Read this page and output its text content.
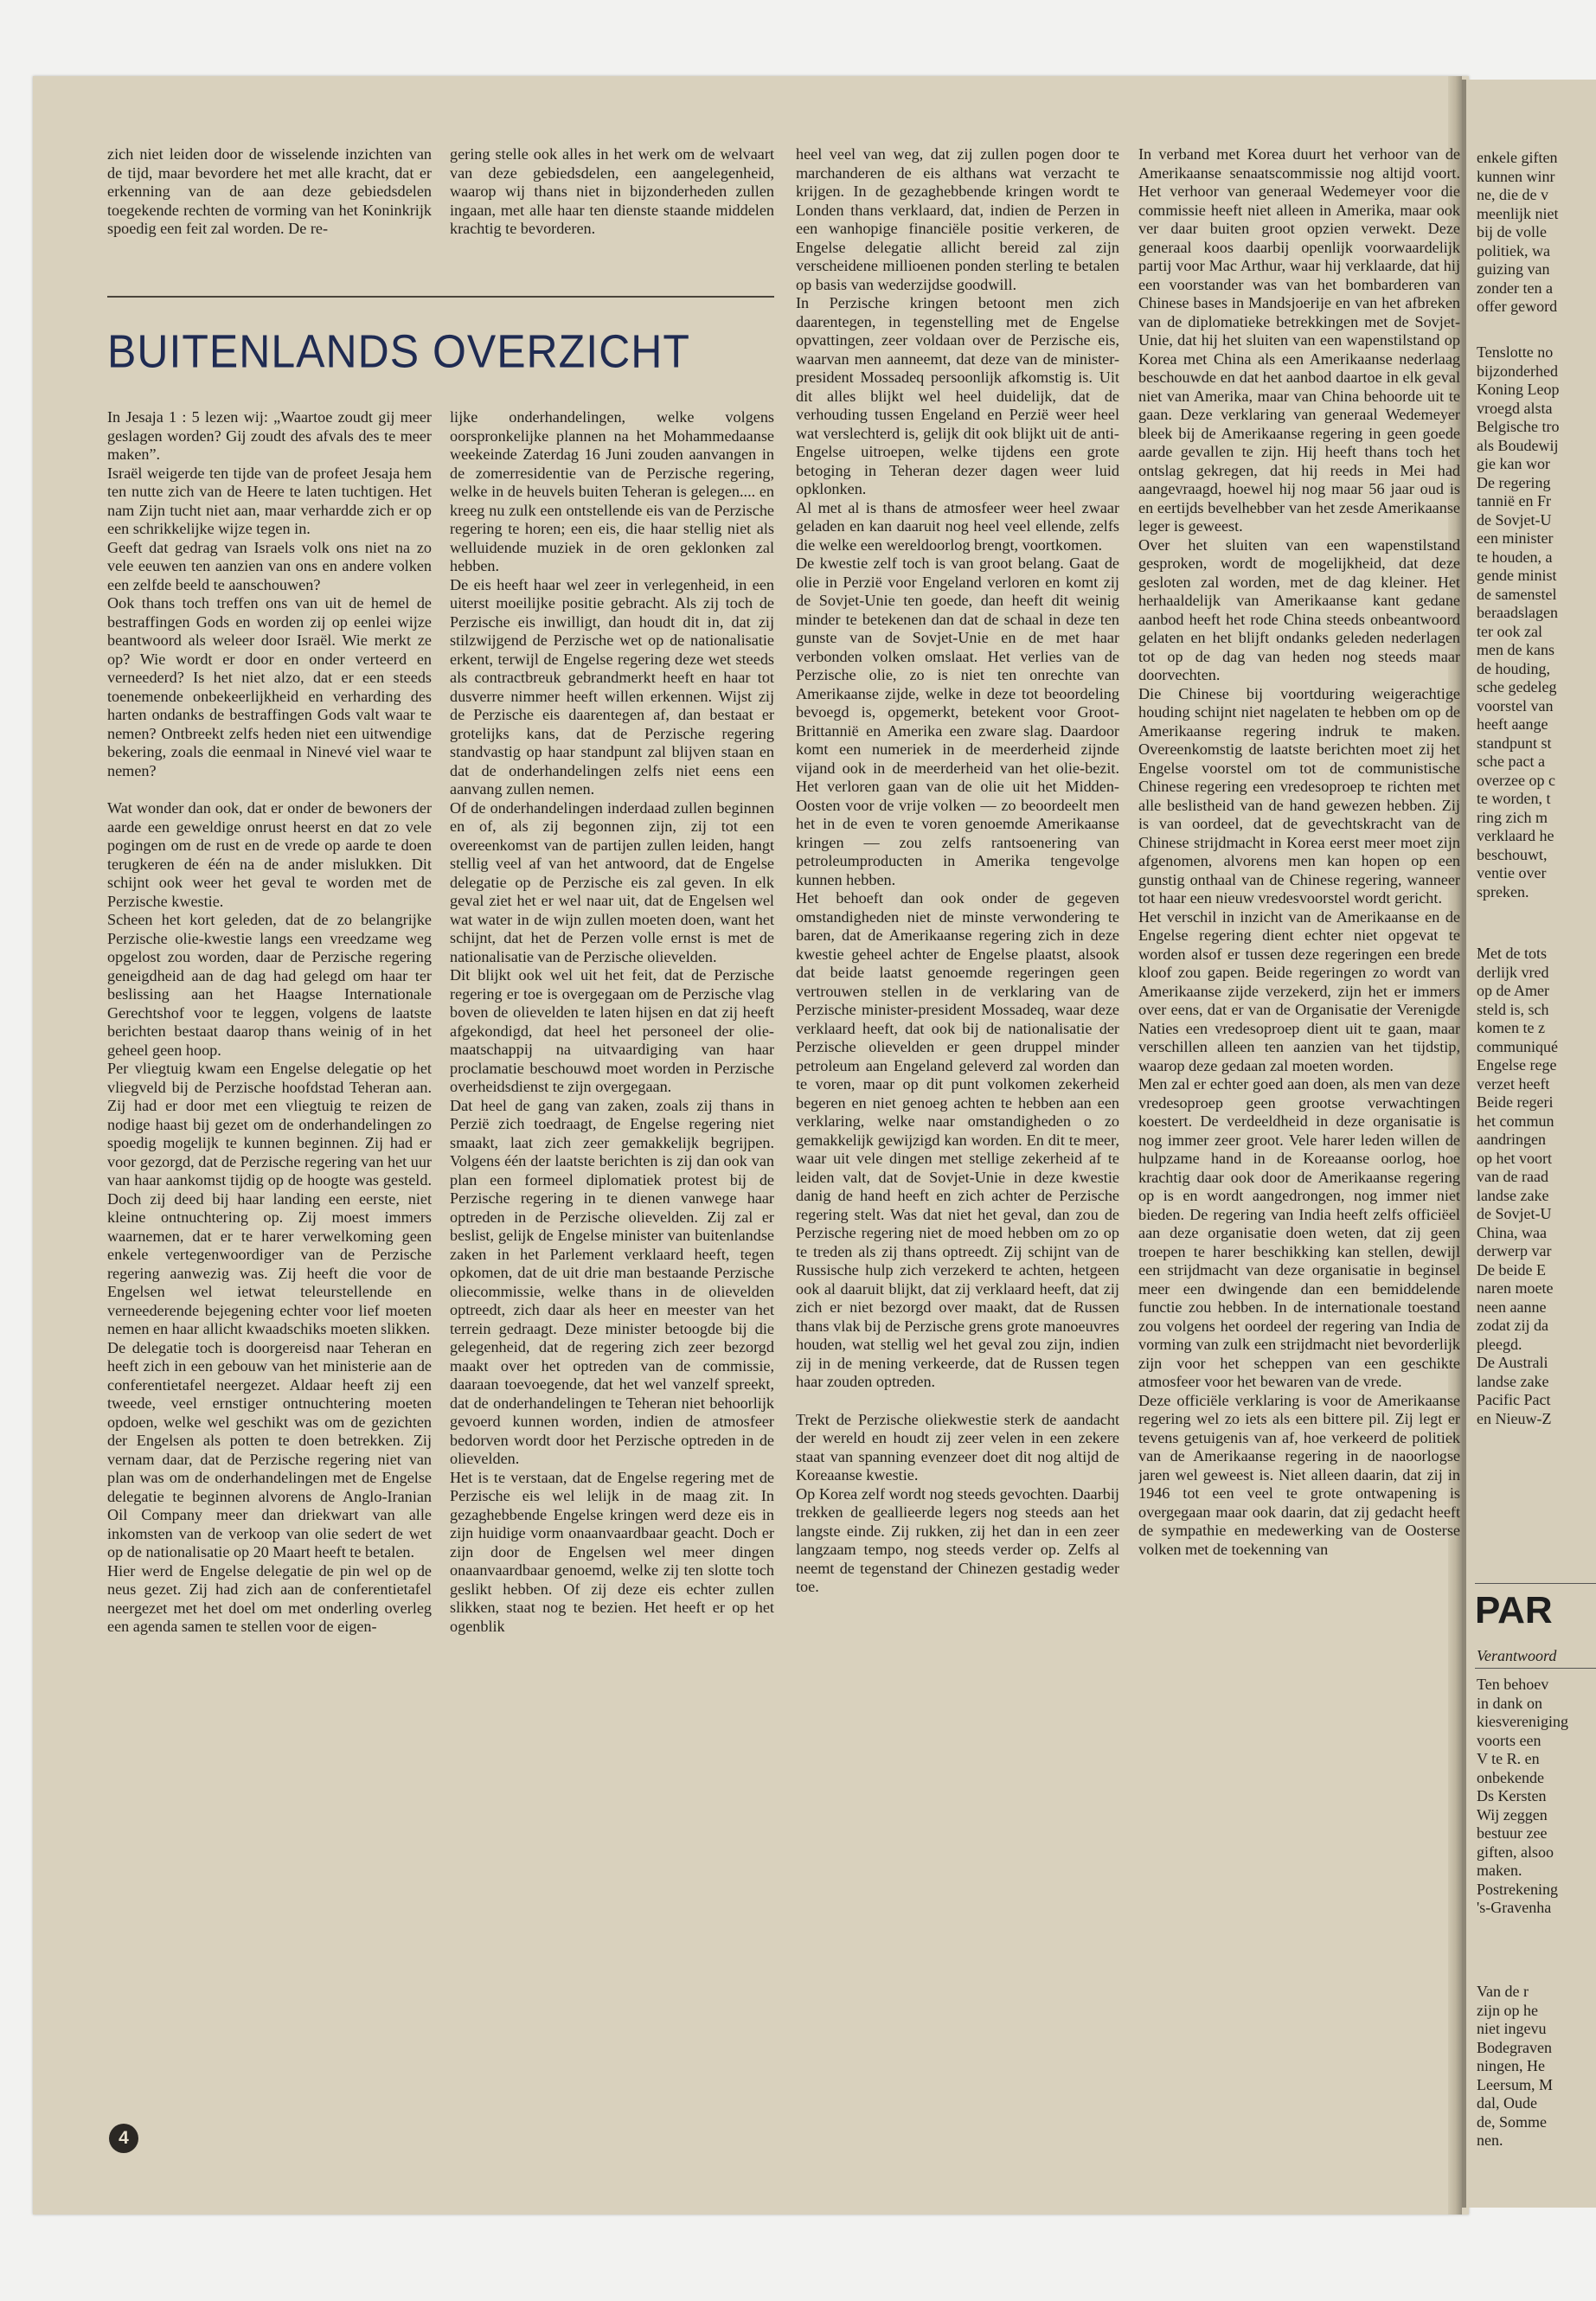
zich niet leiden door de wisselende inzichten van de tijd, maar bevordere het met alle kracht, dat er erkenning van de aan deze gebiedsdelen toegekende rechten de vorming van het Koninkrijk spoedig een feit zal worden. De re-

gering stelle ook alles in het werk om de welvaart van deze gebiedsdelen, een aangelegenheid, waarop wij thans niet in bijzonderheden zullen ingaan, met alle haar ten dienste staande middelen krachtig te bevorderen.

BUITENLANDS OVERZICHT

In Jesaja 1 : 5 lezen wij: „Waartoe zoudt gij meer geslagen worden? Gij zoudt des afvals des te meer maken”.

Israël weigerde ten tijde van de profeet Jesaja hem ten nutte zich van de Heere te laten tuchtigen. Het nam Zijn tucht niet aan, maar verhardde zich er op een schrikkelijke wijze tegen in.

Geeft dat gedrag van Israels volk ons niet na zo vele eeuwen ten aanzien van ons en andere volken een zelfde beeld te aanschouwen?

Ook thans toch treffen ons van uit de hemel de bestraffingen Gods en worden zij op eenlei wijze beantwoord als weleer door Israël. Wie merkt ze op? Wie wordt er door en onder verteerd en verneederd? Is het niet alzo, dat er een steeds toenemende onbekeerlijkheid en verharding des harten ondanks de bestraffingen Gods valt waar te nemen? Ontbreekt zelfs heden niet een uitwendige bekering, zoals die eenmaal in Ninevé viel waar te nemen?

Wat wonder dan ook, dat er onder de bewoners der aarde een geweldige onrust heerst en dat zo vele pogingen om de rust en de vrede op aarde te doen terugkeren de één na de ander mislukken. Dit schijnt ook weer het geval te worden met de Perzische kwestie.

Scheen het kort geleden, dat de zo belangrijke Perzische olie-kwestie langs een vreedzame weg opgelost zou worden, daar de Perzische regering geneigdheid aan de dag had gelegd om haar ter beslissing aan het Haagse Internationale Gerechtshof voor te leggen, volgens de laatste berichten bestaat daarop thans weinig of in het geheel geen hoop.

Per vliegtuig kwam een Engelse delegatie op het vliegveld bij de Perzische hoofdstad Teheran aan. Zij had er door met een vliegtuig te reizen de nodige haast bij gezet om de onderhandelingen zo spoedig mogelijk te kunnen beginnen. Zij had er voor gezorgd, dat de Perzische regering van het uur van haar aankomst tijdig op de hoogte was gesteld. Doch zij deed bij haar landing een eerste, niet kleine ontnuchtering op. Zij moest immers waarnemen, dat er te harer verwelkoming geen enkele vertegenwoordiger van de Perzische regering aanwezig was. Zij heeft die voor de Engelsen wel ietwat teleurstellende en verneederende bejegening echter voor lief moeten nemen en haar allicht kwaadschiks moeten slikken.

De delegatie toch is doorgereisd naar Teheran en heeft zich in een gebouw van het ministerie aan de conferentietafel neergezet. Aldaar heeft zij een tweede, veel ernstiger ontnuchtering moeten opdoen, welke wel geschikt was om de gezichten der Engelsen als potten te doen betrekken. Zij vernam daar, dat de Perzische regering niet van plan was om de onderhandelingen met de Engelse delegatie te beginnen alvorens de Anglo-Iranian Oil Company meer dan driekwart van alle inkomsten van de verkoop van olie sedert de wet op de nationalisatie op 20 Maart heeft te betalen.

Hier werd de Engelse delegatie de pin wel op de neus gezet. Zij had zich aan de conferentietafel neergezet met het doel om met onderling overleg een agenda samen te stellen voor de eigen-

lijke onderhandelingen, welke volgens oorspronkelijke plannen na het Mohammedaanse weekeinde Zaterdag 16 Juni zouden aanvangen in de zomerresidentie van de Perzische regering, welke in de heuvels buiten Teheran is gelegen.... en kreeg nu zulk een ontstellende eis van de Perzische regering te horen; een eis, die haar stellig niet als welluidende muziek in de oren geklonken zal hebben.

De eis heeft haar wel zeer in verlegenheid, in een uiterst moeilijke positie gebracht. Als zij toch de Perzische eis inwilligt, dan houdt dit in, dat zij stilzwijgend de Perzische wet op de nationalisatie erkent, terwijl de Engelse regering deze wet steeds als contractbreuk gebrandmerkt heeft en haar tot dusverre nimmer heeft willen erkennen. Wijst zij de Perzische eis daarentegen af, dan bestaat er grotelijks kans, dat de Perzische regering standvastig op haar standpunt zal blijven staan en dat de onderhandelingen zelfs niet eens een aanvang zullen nemen.

Of de onderhandelingen inderdaad zullen beginnen en of, als zij begonnen zijn, zij tot een overeenkomst van de partijen zullen leiden, hangt stellig veel af van het antwoord, dat de Engelse delegatie op de Perzische eis zal geven. In elk geval ziet het er wel naar uit, dat de Engelsen wel wat water in de wijn zullen moeten doen, want het schijnt, dat het de Perzen volle ernst is met de nationalisatie van de Perzische olievelden.

Dit blijkt ook wel uit het feit, dat de Perzische regering er toe is overgegaan om de Perzische vlag boven de olievelden te laten hijsen en dat zij heeft afgekondigd, dat heel het personeel der olie-maatschappij na uitvaardiging van haar proclamatie beschouwd moet worden in Perzische overheidsdienst te zijn overgegaan.

Dat heel de gang van zaken, zoals zij thans in Perzië zich toedraagt, de Engelse regering niet smaakt, laat zich zeer gemakkelijk begrijpen. Volgens één der laatste berichten is zij dan ook van plan een formeel diplomatiek protest bij de Perzische regering in te dienen vanwege haar optreden in de Perzische olievelden. Zij zal er beslist, gelijk de Engelse minister van buitenlandse zaken in het Parlement verklaard heeft, tegen opkomen, dat de uit drie man bestaande Perzische oliecommissie, welke thans in de olievelden optreedt, zich daar als heer en meester van het terrein gedraagt. Deze minister betoogde bij die gelegenheid, dat de regering zich zeer bezorgd maakt over het optreden van de commissie, daaraan toevoegende, dat het wel vanzelf spreekt, dat de onderhandelingen te Teheran niet behoorlijk gevoerd kunnen worden, indien de atmosfeer bedorven wordt door het Perzische optreden in de olievelden.

Het is te verstaan, dat de Engelse regering met de Perzische eis wel lelijk in de maag zit. In gezaghebbende Engelse kringen werd deze eis in zijn huidige vorm onaanvaardbaar geacht. Doch er zijn door de Engelsen wel meer dingen onaanvaardbaar genoemd, welke zij ten slotte toch geslikt hebben. Of zij deze eis echter zullen slikken, staat nog te bezien. Het heeft er op het ogenblik

heel veel van weg, dat zij zullen pogen door te marchanderen de eis althans wat verzacht te krijgen. In de gezaghebbende kringen wordt te Londen thans verklaard, dat, indien de Perzen in een wanhopige financiële positie verkeren, de Engelse delegatie allicht bereid zal zijn verscheidene millioenen ponden sterling te betalen op basis van wederzijdse goodwill.

In Perzische kringen betoont men zich daarentegen, in tegenstelling met de Engelse opvattingen, zeer voldaan over de Perzische eis, waarvan men aanneemt, dat deze van de minister-president Mossadeq persoonlijk afkomstig is. Uit dit alles blijkt wel heel duidelijk, dat de verhouding tussen Engeland en Perzië weer heel wat verslechterd is, gelijk dit ook blijkt uit de anti-Engelse uitroepen, welke tijdens een grote betoging in Teheran dezer dagen weer luid opklonken.

Al met al is thans de atmosfeer weer heel zwaar geladen en kan daaruit nog heel veel ellende, zelfs die welke een wereldoorlog brengt, voortkomen.

De kwestie zelf toch is van groot belang. Gaat de olie in Perzië voor Engeland verloren en komt zij de Sovjet-Unie ten goede, dan heeft dit weinig minder te betekenen dan dat de schaal in deze ten gunste van de Sovjet-Unie en de met haar verbonden volken omslaat. Het verlies van de Perzische olie, zo is niet ten onrechte van Amerikaanse zijde, welke in deze tot beoordeling bevoegd is, opgemerkt, betekent voor Groot-Brittannië en Amerika een zware slag. Daardoor komt een numeriek in de meerderheid zijnde vijand ook in de meerderheid van het olie-bezit. Het verloren gaan van de olie uit het Midden-Oosten voor de vrije volken — zo beoordeelt men het in de even te voren genoemde Amerikaanse kringen — zou zelfs rantsoenering van petroleumproducten in Amerika tengevolge kunnen hebben.

Het behoeft dan ook onder de gegeven omstandigheden niet de minste verwondering te baren, dat de Amerikaanse regering zich in deze kwestie geheel achter de Engelse plaatst, alsook dat beide laatst genoemde regeringen geen vertrouwen stellen in de verklaring van de Perzische minister-president Mossadeq, waar deze verklaard heeft, dat ook bij de nationalisatie der Perzische olievelden er geen druppel minder petroleum aan Engeland geleverd zal worden dan te voren, maar op dit punt volkomen zekerheid begeren en niet genoeg achten te hebben aan een verklaring, welke naar omstandigheden o zo gemakkelijk gewijzigd kan worden. En dit te meer, waar uit vele dingen met stellige zekerheid af te leiden valt, dat de Sovjet-Unie in deze kwestie danig de hand heeft en zich achter de Perzische regering stelt. Was dat niet het geval, dan zou de Perzische regering niet de moed hebben om zo op te treden als zij thans optreedt. Zij schijnt van de Russische hulp zich verzekerd te achten, hetgeen ook al daaruit blijkt, dat zij verklaard heeft, dat zij zich er niet bezorgd over maakt, dat de Russen thans vlak bij de Perzische grens grote manoeuvres houden, wat stellig wel het geval zou zijn, indien zij in de mening verkeerde, dat de Russen tegen haar zouden optreden.

Trekt de Perzische oliekwestie sterk de aandacht der wereld en houdt zij zeer velen in een zekere staat van spanning evenzeer doet dit nog altijd de Koreaanse kwestie.

Op Korea zelf wordt nog steeds gevochten. Daarbij trekken de geallieerde legers nog steeds aan het langste einde. Zij rukken, zij het dan in een zeer langzaam tempo, nog steeds verder op. Zelfs al neemt de tegenstand der Chinezen gestadig weder toe.

In verband met Korea duurt het verhoor van de Amerikaanse senaatscommissie nog altijd voort. Het verhoor van generaal Wedemeyer voor die commissie heeft niet alleen in Amerika, maar ook ver daar buiten groot opzien verwekt. Deze generaal koos daarbij openlijk voorwaardelijk partij voor Mac Arthur, waar hij verklaarde, dat hij een voorstander was van het bombarderen van Chinese bases in Mandsjoerije en van het afbreken van de diplomatieke betrekkingen met de Sovjet-Unie, dat hij het sluiten van een wapenstilstand op Korea met China als een Amerikaanse nederlaag beschouwde en dat het aanbod daartoe in elk geval niet van Amerika, maar van China behoorde uit te gaan. Deze verklaring van generaal Wedemeyer bleek bij de Amerikaanse regering in geen goede aarde gevallen te zijn. Hij heeft thans toch het ontslag gekregen, dat hij reeds in Mei had aangevraagd, hoewel hij nog maar 56 jaar oud is en eertijds bevelhebber van het zesde Amerikaanse leger is geweest.

Over het sluiten van een wapenstilstand gesproken, wordt de mogelijkheid, dat deze gesloten zal worden, met de dag kleiner. Het herhaaldelijk van Amerikaanse kant gedane aanbod heeft het rode China steeds onbeantwoord gelaten en het blijft ondanks geleden nederlagen tot op de dag van heden nog steeds maar doorvechten.

Die Chinese bij voortduring weigerachtige houding schijnt niet nagelaten te hebben om op de Amerikaanse regering indruk te maken. Overeenkomstig de laatste berichten moet zij het Engelse voorstel om tot de communistische Chinese regering een vredesoproep te richten met alle beslistheid van de hand gewezen hebben. Zij is van oordeel, dat de gevechtskracht van de Chinese strijdmacht in Korea eerst meer moet zijn afgenomen, alvorens men kan hopen op een gunstig onthaal van de Chinese regering, wanneer tot haar een nieuw vredesvoorstel wordt gericht.

Het verschil in inzicht van de Amerikaanse en de Engelse regering dient echter niet opgevat te worden alsof er tussen deze regeringen een brede kloof zou gapen. Beide regeringen zo wordt van Amerikaanse zijde verzekerd, zijn het er immers over eens, dat er van de Organisatie der Verenigde Naties een vredesoproep dient uit te gaan, maar verschillen alleen ten aanzien van het tijdstip, waarop deze gedaan zal moeten worden.

Men zal er echter goed aan doen, als men van deze vredesoproep geen grootse verwachtingen koestert. De verdeeldheid in deze organisatie is nog immer zeer groot. Vele harer leden willen de hulpzame hand in de Koreaanse oorlog, hoe krachtig daar ook door de Amerikaanse regering op is en wordt aangedrongen, nog immer niet bieden. De regering van India heeft zelfs officiëel aan deze organisatie doen weten, dat zij geen troepen te harer beschikking kan stellen, dewijl een strijdmacht van deze organisatie in beginsel meer een dwingende dan een bemiddelende functie zou hebben. In de internationale toestand zou volgens het oordeel der regering van India de vorming van zulk een strijdmacht niet bevorderlijk zijn voor het scheppen van een geschikte atmosfeer voor het bewaren van de vrede.

Deze officiële verklaring is voor de Amerikaanse regering wel zo iets als een bittere pil. Zij legt er tevens getuigenis van af, hoe verkeerd de politiek van de Amerikaanse regering in de naoorlogse jaren wel geweest is. Niet alleen daarin, dat zij in 1946 tot een veel te grote ontwapening is overgegaan maar ook daarin, dat zij gedacht heeft de sympathie en medewerking van de Oosterse volken met de toekenning van

4

enkele giften

kunnen winr

ne, die de v

meenlijk niet

bij de volle

politiek, wa

guizing van

zonder ten a

offer geword

Tenslotte no

bijzonderhed

Koning Leop

vroegd alsta

Belgische tro

als Boudewij

gie kan wor

De regering

tannië en Fr

de Sovjet-U

een minister

te houden, a

gende minist

de samenstel

beraadslagen

ter ook zal

men de kans

de houding,

sche gedeleg

voorstel van

heeft aange

standpunt st

sche pact a

overzee op c

te worden, t

ring zich m

verklaard he

beschouwt,

ventie over

spreken.

Met de tots

derlijk vred

op de Amer

steld is, sch

komen te z

communiqué

Engelse rege

verzet heeft

Beide regeri

het commun

aandringen

op het voort

van de raad

landse zake

de Sovjet-U

China, waa

derwerp var

De beide E

naren moete

neen aanne

zodat zij da

pleegd.

De Australi

landse zake

Pacific Pact

en Nieuw-Z

PAR
Verantwoord

Ten behoev

in dank on

kiesvereniging

voorts een

V te R. en

onbekende

Ds Kersten

Wij zeggen

bestuur zee

giften, alsoo

maken.

Postrekening

's-Gravenha

Van de r

zijn op he

niet ingevu

Bodegraven

ningen, He

Leersum, M

dal, Oude

de, Somme

nen.
